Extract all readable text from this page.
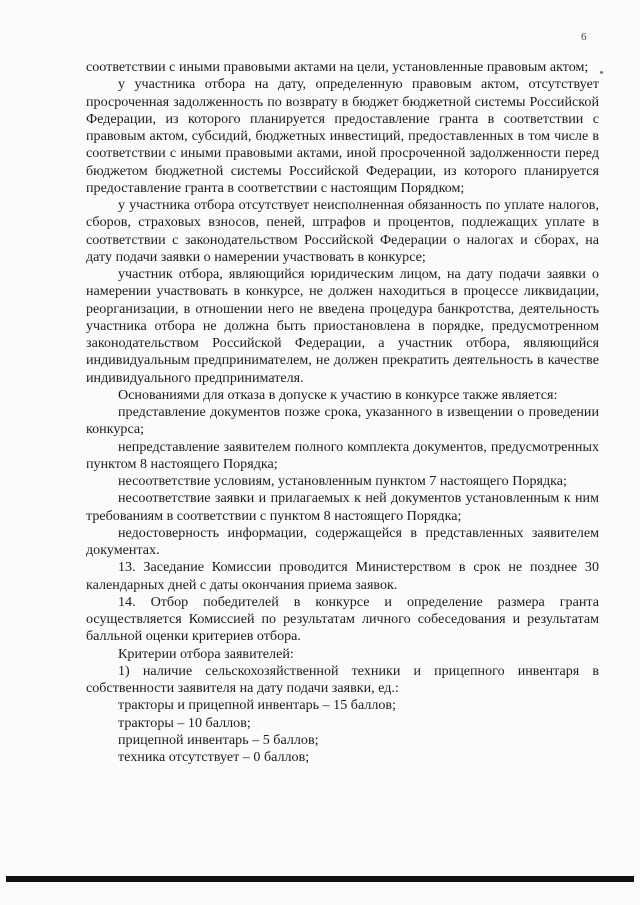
6

соответствии с иными правовыми актами на цели, установленные правовым актом;

у участника отбора на дату, определенную правовым актом, отсутствует просроченная задолженность по возврату в бюджет бюджетной системы Российской Федерации, из которого планируется предоставление гранта в соответствии с правовым актом, субсидий, бюджетных инвестиций, предоставленных в том числе в соответствии с иными правовыми актами, иной просроченной задолженности перед бюджетом бюджетной системы Российской Федерации, из которого планируется предоставление гранта в соответствии с настоящим Порядком;

у участника отбора отсутствует неисполненная обязанность по уплате налогов, сборов, страховых взносов, пеней, штрафов и процентов, подлежащих уплате в соответствии с законодательством Российской Федерации о налогах и сборах, на дату подачи заявки о намерении участвовать в конкурсе;

участник отбора, являющийся юридическим лицом, на дату подачи заявки о намерении участвовать в конкурсе, не должен находиться в процессе ликвидации, реорганизации, в отношении него не введена процедура банкротства, деятельность участника отбора не должна быть приостановлена в порядке, предусмотренном законодательством Российской Федерации, а участник отбора, являющийся индивидуальным предпринимателем, не должен прекратить деятельность в качестве индивидуального предпринимателя.

Основаниями для отказа в допуске к участию в конкурсе также является:

представление документов позже срока, указанного в извещении о проведении конкурса;

непредставление заявителем полного комплекта документов, предусмотренных пунктом 8 настоящего Порядка;

несоответствие условиям, установленным пунктом 7 настоящего Порядка;

несоответствие заявки и прилагаемых к ней документов установленным к ним требованиям в соответствии с пунктом 8 настоящего Порядка;

недостоверность информации, содержащейся в представленных заявителем документах.

13. Заседание Комиссии проводится Министерством в срок не позднее 30 календарных дней с даты окончания приема заявок.

14. Отбор победителей в конкурсе и определение размера гранта осуществляется Комиссией по результатам личного собеседования и результатам балльной оценки критериев отбора.

Критерии отбора заявителей:

1) наличие сельскохозяйственной техники и прицепного инвентаря в собственности заявителя на дату подачи заявки, ед.:

тракторы и прицепной инвентарь – 15 баллов;

тракторы – 10 баллов;

прицепной инвентарь – 5 баллов;

техника отсутствует – 0 баллов;
